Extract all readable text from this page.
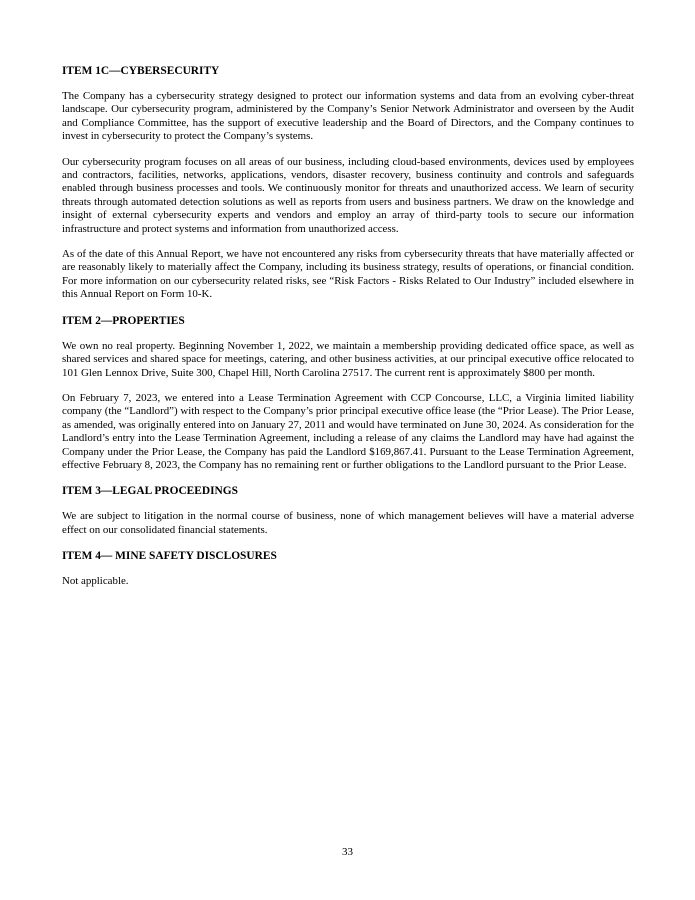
ITEM 1C—CYBERSECURITY

The Company has a cybersecurity strategy designed to protect our information systems and data from an evolving cyber-threat landscape. Our cybersecurity program, administered by the Company’s Senior Network Administrator and overseen by the Audit and Compliance Committee, has the support of executive leadership and the Board of Directors, and the Company continues to invest in cybersecurity to protect the Company’s systems.

Our cybersecurity program focuses on all areas of our business, including cloud-based environments, devices used by employees and contractors, facilities, networks, applications, vendors, disaster recovery, business continuity and controls and safeguards enabled through business processes and tools. We continuously monitor for threats and unauthorized access. We learn of security threats through automated detection solutions as well as reports from users and business partners. We draw on the knowledge and insight of external cybersecurity experts and vendors and employ an array of third-party tools to secure our information infrastructure and protect systems and information from unauthorized access.

As of the date of this Annual Report, we have not encountered any risks from cybersecurity threats that have materially affected or are reasonably likely to materially affect the Company, including its business strategy, results of operations, or financial condition. For more information on our cybersecurity related risks, see “Risk Factors - Risks Related to Our Industry” included elsewhere in this Annual Report on Form 10-K.

ITEM 2—PROPERTIES

We own no real property. Beginning November 1, 2022, we maintain a membership providing dedicated office space, as well as shared services and shared space for meetings, catering, and other business activities, at our principal executive office relocated to 101 Glen Lennox Drive, Suite 300, Chapel Hill, North Carolina 27517. The current rent is approximately $800 per month.

On February 7, 2023, we entered into a Lease Termination Agreement with CCP Concourse, LLC, a Virginia limited liability company (the “Landlord”) with respect to the Company’s prior principal executive office lease (the “Prior Lease). The Prior Lease, as amended, was originally entered into on January 27, 2011 and would have terminated on June 30, 2024. As consideration for the Landlord’s entry into the Lease Termination Agreement, including a release of any claims the Landlord may have had against the Company under the Prior Lease, the Company has paid the Landlord $169,867.41. Pursuant to the Lease Termination Agreement, effective February 8, 2023, the Company has no remaining rent or further obligations to the Landlord pursuant to the Prior Lease.

ITEM 3—LEGAL PROCEEDINGS

We are subject to litigation in the normal course of business, none of which management believes will have a material adverse effect on our consolidated financial statements.

ITEM 4— MINE SAFETY DISCLOSURES

Not applicable.

33
